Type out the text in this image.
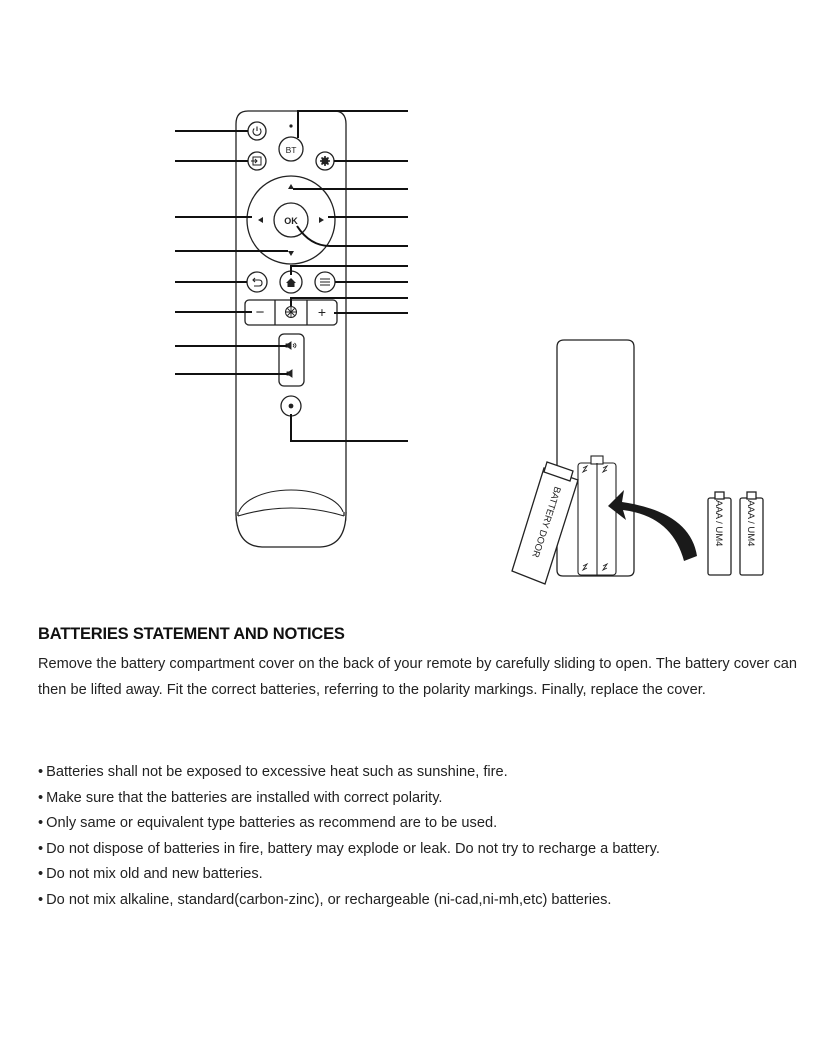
BT
OK
−	+
BATTERY DOOR	AAA / UM4 AAA / UM4
BATTERIES STATEMENT AND NOTICES

Remove the battery compartment cover on the back of your remote by carefully sliding to open. The battery cover can then be lifted away. Fit the correct batteries, referring to the polarity markings. Finally, replace the cover.

• Batteries shall not be exposed to excessive heat such as sunshine, fire.
• Make sure that the batteries are installed with correct polarity.
• Only same or equivalent type batteries as recommend are to be used.
• Do not dispose of batteries in fire, battery may explode or leak. Do not try to recharge a battery.
• Do not mix old and new batteries.
• Do not mix alkaline, standard(carbon-zinc), or rechargeable (ni-cad,ni-mh,etc) batteries.
